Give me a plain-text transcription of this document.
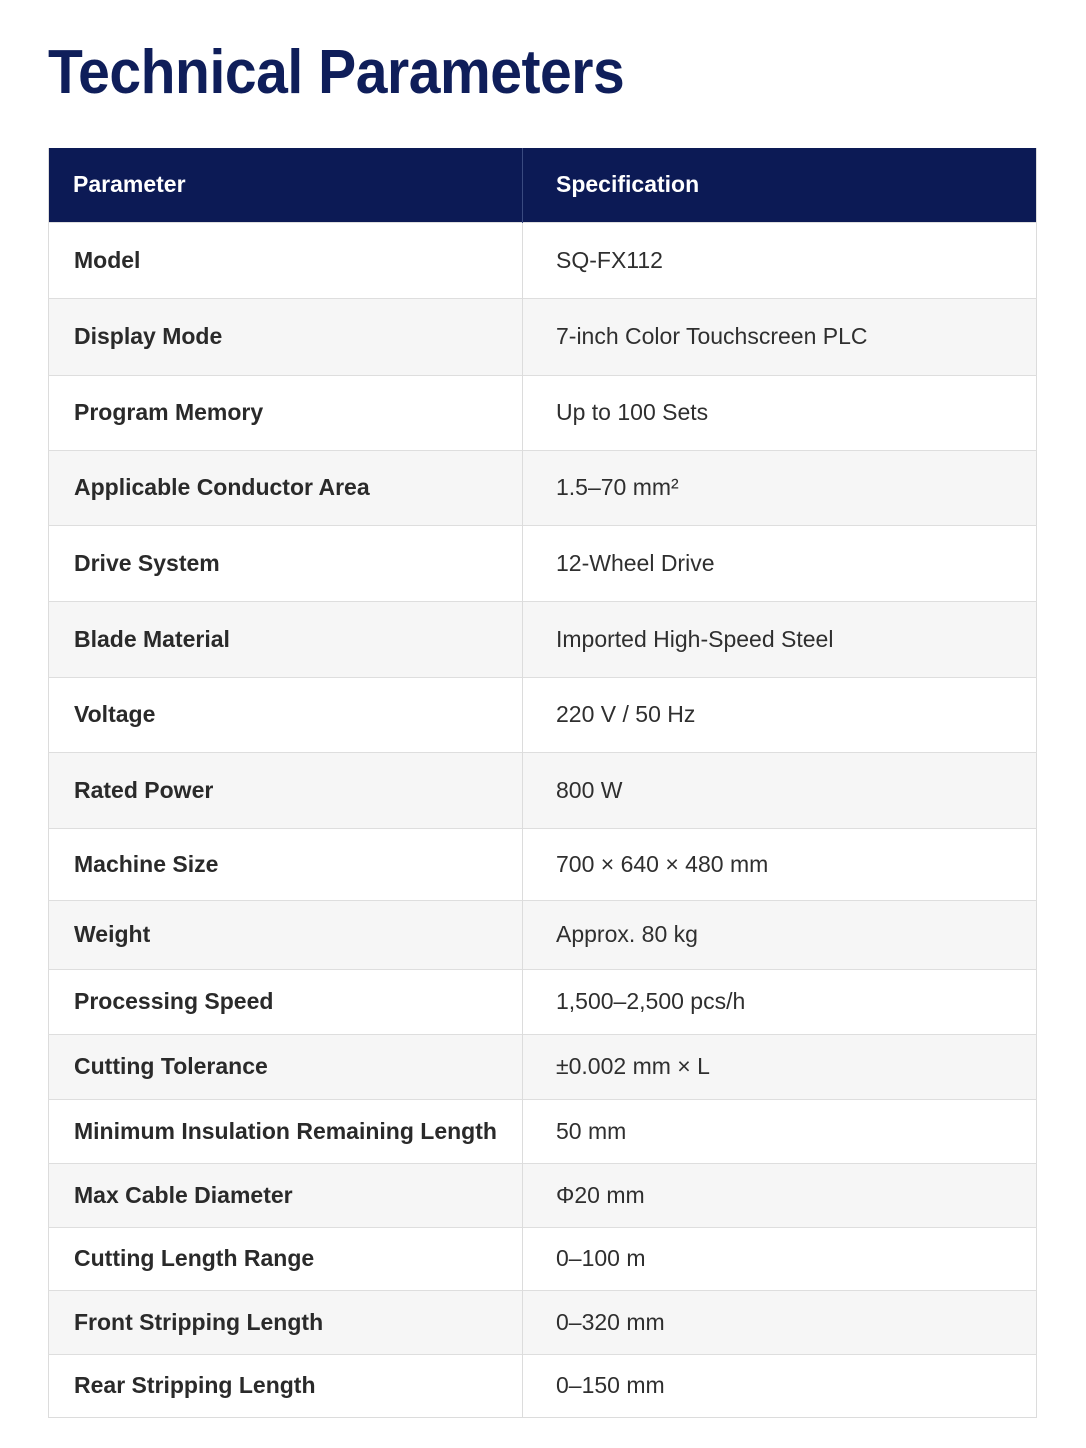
Technical Parameters
Parameter	Specification
Model	SQ-FX112
Display Mode	7-inch Color Touchscreen PLC
Program Memory	Up to 100 Sets
Applicable Conductor Area	1.5–70 mm²
Drive System	12-Wheel Drive
Blade Material	Imported High-Speed Steel
Voltage	220 V / 50 Hz
Rated Power	800 W
Machine Size	700 × 640 × 480 mm
Weight	Approx. 80 kg
Processing Speed	1,500–2,500 pcs/h
Cutting Tolerance	±0.002 mm × L
Minimum Insulation Remaining Length	50 mm
Max Cable Diameter	Φ20 mm
Cutting Length Range	0–100 m
Front Stripping Length	0–320 mm
Rear Stripping Length	0–150 mm
